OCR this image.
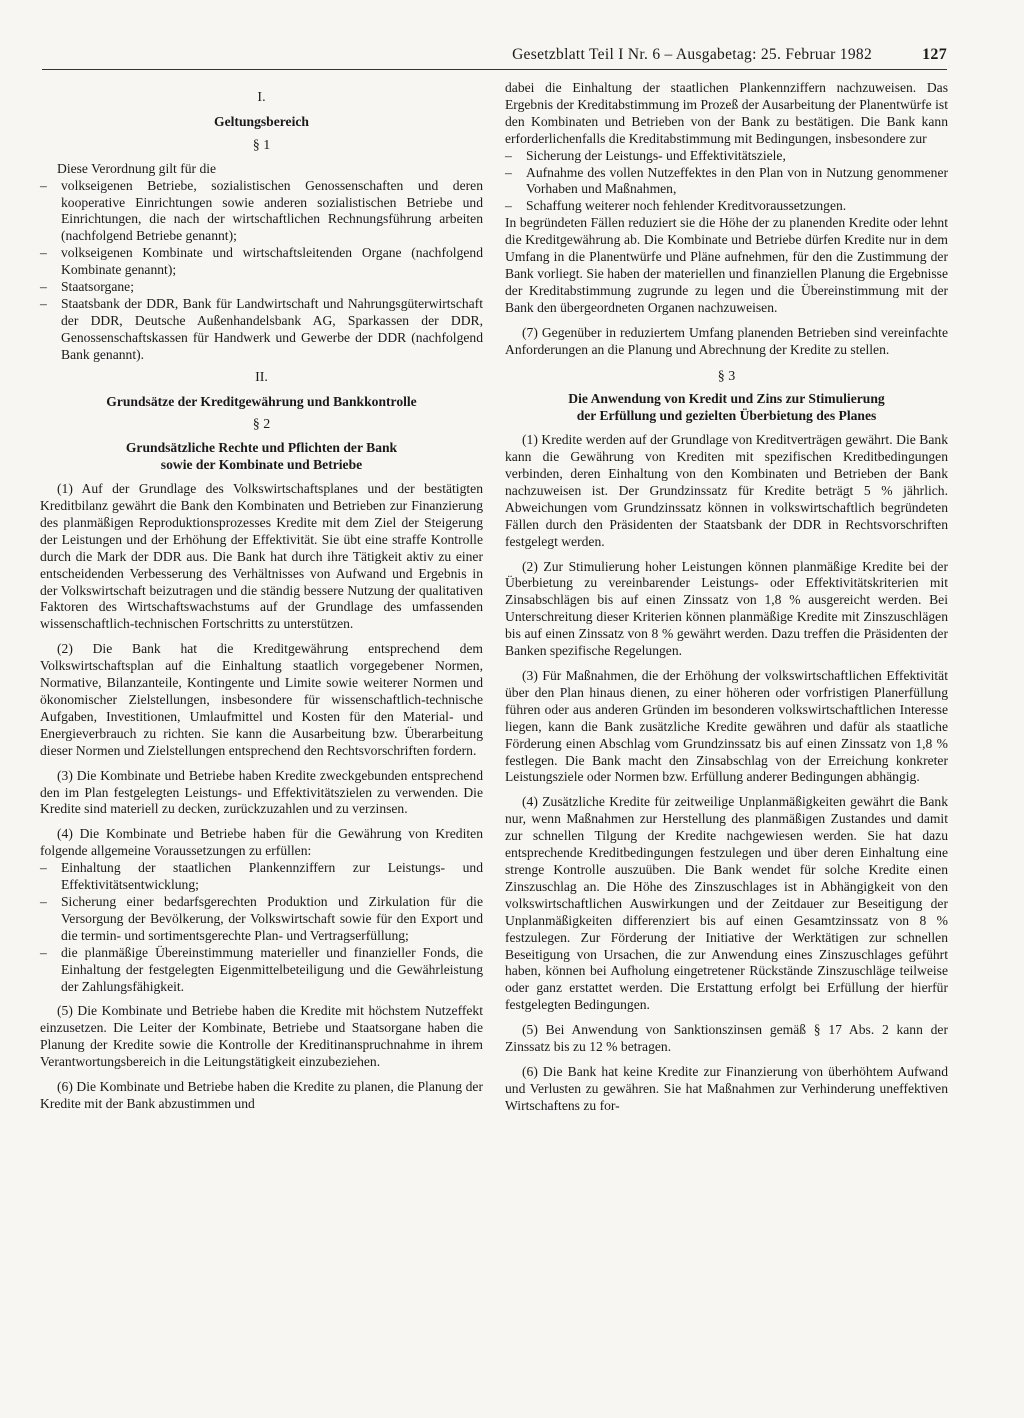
Gesetzblatt Teil I Nr. 6 – Ausgabetag: 25. Februar 1982	127
I.
Geltungsbereich
§ 1

Diese Verordnung gilt für die

– volkseigenen Betriebe, sozialistischen Genossenschaften und deren kooperative Einrichtungen sowie anderen sozialistischen Betriebe und Einrichtungen, die nach der wirtschaftlichen Rechnungsführung arbeiten (nachfolgend Betriebe genannt);
– volkseigenen Kombinate und wirtschaftsleitenden Organe (nachfolgend Kombinate genannt);
– Staatsorgane;
– Staatsbank der DDR, Bank für Landwirtschaft und Nahrungsgüterwirtschaft der DDR, Deutsche Außenhandelsbank AG, Sparkassen der DDR, Genossenschaftskassen für Handwerk und Gewerbe der DDR (nachfolgend Bank genannt).
II.
Grundsätze der Kreditgewährung und Bankkontrolle
§ 2
Grundsätzliche Rechte und Pflichten der Bank
sowie der Kombinate und Betriebe

(1) Auf der Grundlage des Volkswirtschaftsplanes und der bestätigten Kreditbilanz gewährt die Bank den Kombinaten und Betrieben zur Finanzierung des planmäßigen Reproduktionsprozesses Kredite mit dem Ziel der Steigerung der Leistungen und der Erhöhung der Effektivität. Sie übt eine straffe Kontrolle durch die Mark der DDR aus. Die Bank hat durch ihre Tätigkeit aktiv zu einer entscheidenden Verbesserung des Verhältnisses von Aufwand und Ergebnis in der Volkswirtschaft beizutragen und die ständig bessere Nutzung der qualitativen Faktoren des Wirtschaftswachstums auf der Grundlage des umfassenden wissenschaftlich-technischen Fortschritts zu unterstützen.

(2) Die Bank hat die Kreditgewährung entsprechend dem Volkswirtschaftsplan auf die Einhaltung staatlich vorgegebener Normen, Normative, Bilanzanteile, Kontingente und Limite sowie weiterer Normen und ökonomischer Zielstellungen, insbesondere für wissenschaftlich-technische Aufgaben, Investitionen, Umlaufmittel und Kosten für den Material- und Energieverbrauch zu richten. Sie kann die Ausarbeitung bzw. Überarbeitung dieser Normen und Zielstellungen entsprechend den Rechtsvorschriften fordern.

(3) Die Kombinate und Betriebe haben Kredite zweckgebunden entsprechend den im Plan festgelegten Leistungs- und Effektivitätszielen zu verwenden. Die Kredite sind materiell zu decken, zurückzuzahlen und zu verzinsen.

(4) Die Kombinate und Betriebe haben für die Gewährung von Krediten folgende allgemeine Voraussetzungen zu erfüllen:

– Einhaltung der staatlichen Plankennziffern zur Leistungs- und Effektivitätsentwicklung;
– Sicherung einer bedarfsgerechten Produktion und Zirkulation für die Versorgung der Bevölkerung, der Volkswirtschaft sowie für den Export und die termin- und sortimentsgerechte Plan- und Vertragserfüllung;
– die planmäßige Übereinstimmung materieller und finanzieller Fonds, die Einhaltung der festgelegten Eigenmittelbeteiligung und die Gewährleistung der Zahlungsfähigkeit.

(5) Die Kombinate und Betriebe haben die Kredite mit höchstem Nutzeffekt einzusetzen. Die Leiter der Kombinate, Betriebe und Staatsorgane haben die Planung der Kredite sowie die Kontrolle der Kreditinanspruchnahme in ihrem Verantwortungsbereich in die Leitungstätigkeit einzubeziehen.

(6) Die Kombinate und Betriebe haben die Kredite zu planen, die Planung der Kredite mit der Bank abzustimmen und

dabei die Einhaltung der staatlichen Plankennziffern nachzuweisen. Das Ergebnis der Kreditabstimmung im Prozeß der Ausarbeitung der Planentwürfe ist den Kombinaten und Betrieben von der Bank zu bestätigen. Die Bank kann erforderlichenfalls die Kreditabstimmung mit Bedingungen, insbesondere zur

– Sicherung der Leistungs- und Effektivitätsziele,
– Aufnahme des vollen Nutzeffektes in den Plan von in Nutzung genommener Vorhaben und Maßnahmen,
– Schaffung weiterer noch fehlender Kreditvoraussetzungen.

In begründeten Fällen reduziert sie die Höhe der zu planenden Kredite oder lehnt die Kreditgewährung ab. Die Kombinate und Betriebe dürfen Kredite nur in dem Umfang in die Planentwürfe und Pläne aufnehmen, für den die Zustimmung der Bank vorliegt. Sie haben der materiellen und finanziellen Planung die Ergebnisse der Kreditabstimmung zugrunde zu legen und die Übereinstimmung mit der Bank den übergeordneten Organen nachzuweisen.

(7) Gegenüber in reduziertem Umfang planenden Betrieben sind vereinfachte Anforderungen an die Planung und Abrechnung der Kredite zu stellen.

§ 3
Die Anwendung von Kredit und Zins zur Stimulierung
der Erfüllung und gezielten Überbietung des Planes

(1) Kredite werden auf der Grundlage von Kreditverträgen gewährt. Die Bank kann die Gewährung von Krediten mit spezifischen Kreditbedingungen verbinden, deren Einhaltung von den Kombinaten und Betrieben der Bank nachzuweisen ist. Der Grundzinssatz für Kredite beträgt 5 % jährlich. Abweichungen vom Grundzinssatz können in volkswirtschaftlich begründeten Fällen durch den Präsidenten der Staatsbank der DDR in Rechtsvorschriften festgelegt werden.

(2) Zur Stimulierung hoher Leistungen können planmäßige Kredite bei der Überbietung zu vereinbarender Leistungs- oder Effektivitätskriterien mit Zinsabschlägen bis auf einen Zinssatz von 1,8 % ausgereicht werden. Bei Unterschreitung dieser Kriterien können planmäßige Kredite mit Zinszuschlägen bis auf einen Zinssatz von 8 % gewährt werden. Dazu treffen die Präsidenten der Banken spezifische Regelungen.

(3) Für Maßnahmen, die der Erhöhung der volkswirtschaftlichen Effektivität über den Plan hinaus dienen, zu einer höheren oder vorfristigen Planerfüllung führen oder aus anderen Gründen im besonderen volkswirtschaftlichen Interesse liegen, kann die Bank zusätzliche Kredite gewähren und dafür als staatliche Förderung einen Abschlag vom Grundzinssatz bis auf einen Zinssatz von 1,8 % festlegen. Die Bank macht den Zinsabschlag von der Erreichung konkreter Leistungsziele oder Normen bzw. Erfüllung anderer Bedingungen abhängig.

(4) Zusätzliche Kredite für zeitweilige Unplanmäßigkeiten gewährt die Bank nur, wenn Maßnahmen zur Herstellung des planmäßigen Zustandes und damit zur schnellen Tilgung der Kredite nachgewiesen werden. Sie hat dazu entsprechende Kreditbedingungen festzulegen und über deren Einhaltung eine strenge Kontrolle auszuüben. Die Bank wendet für solche Kredite einen Zinszuschlag an. Die Höhe des Zinszuschlages ist in Abhängigkeit von den volkswirtschaftlichen Auswirkungen und der Zeitdauer zur Beseitigung der Unplanmäßigkeiten differenziert bis auf einen Gesamtzinssatz von 8 % festzulegen. Zur Förderung der Initiative der Werktätigen zur schnellen Beseitigung von Ursachen, die zur Anwendung eines Zinszuschlages geführt haben, können bei Aufholung eingetretener Rückstände Zinszuschläge teilweise oder ganz erstattet werden. Die Erstattung erfolgt bei Erfüllung der hierfür festgelegten Bedingungen.

(5) Bei Anwendung von Sanktionszinsen gemäß § 17 Abs. 2 kann der Zinssatz bis zu 12 % betragen.

(6) Die Bank hat keine Kredite zur Finanzierung von überhöhtem Aufwand und Verlusten zu gewähren. Sie hat Maßnahmen zur Verhinderung uneffektiven Wirtschaftens zu for-
